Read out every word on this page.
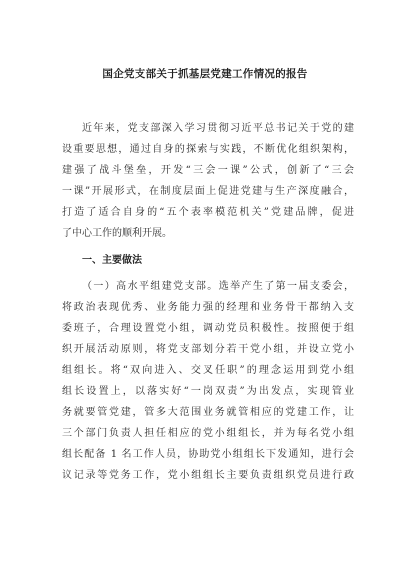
国企党支部关于抓基层党建工作情况的报告
近年来，党支部深入学习贯彻习近平总书记关于党的建
设重要思想，通过自身的探索与实践，不断优化组织架构，
建强了战斗堡垒，开发“三会一课”公式，创新了“三会
一课”开展形式，在制度层面上促进党建与生产深度融合，
打造了适合自身的“五个表率模范机关”党建品牌，促进
了中心工作的顺利开展。
一、主要做法
（一）高水平组建党支部。选举产生了第一届支委会，
将政治表现优秀、业务能力强的经理和业务骨干都纳入支
委班子，合理设置党小组，调动党员积极性。按照便于组
织开展活动原则，将党支部划分若干党小组，并设立党小
组组长。将“双向进入、交叉任职”的理念运用到党小组
组长设置上，以落实好“一岗双责”为出发点，实现管业
务就要管党建，管多大范围业务就管相应的党建工作，让
三个部门负责人担任相应的党小组组长，并为每名党小组
组长配备 1 名工作人员，协助党小组组长下发通知，进行会
议记录等党务工作，党小组组长主要负责组织党员进行政
